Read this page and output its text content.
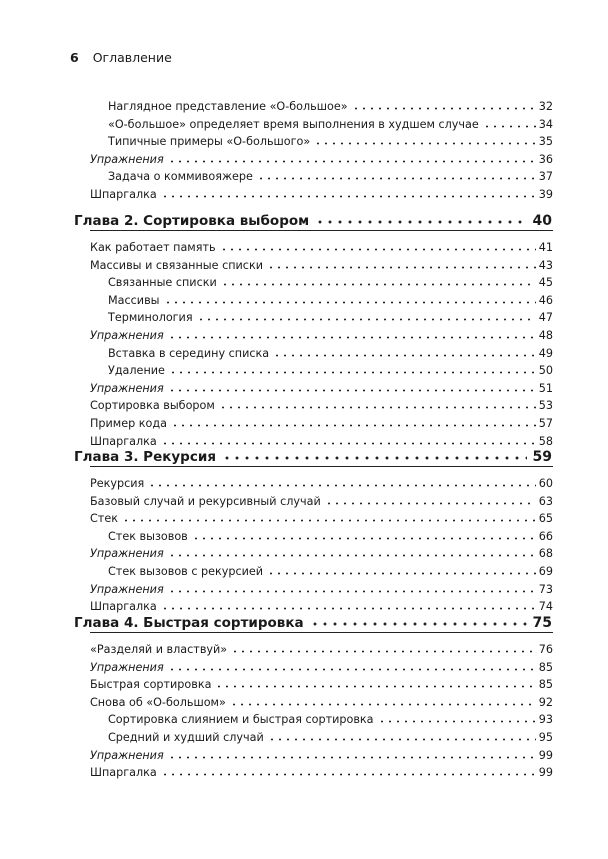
6 Оглавление
Наглядное представление «О-большое»	32
«О-большое» определяет время выполнения в худшем случае	34
Типичные примеры «О-большого»	35
Упражнения	36
Задача о коммивояжере	37
Шпаргалка	39
Глава 2. Сортировка выбором	40
Как работает память	41
Массивы и связанные списки	43
Связанные списки	45
Массивы	46
Терминология	47
Упражнения	48
Вставка в середину списка	49
Удаление	50
Упражнения	51
Сортировка выбором	53
Пример кода	57
Шпаргалка	58
Глава 3. Рекурсия	59
Рекурсия	60
Базовый случай и рекурсивный случай	63
Стек	65
Стек вызовов	66
Упражнения	68
Стек вызовов с рекурсией	69
Упражнения	73
Шпаргалка	74
Глава 4. Быстрая сортировка	75
«Разделяй и властвуй»	76
Упражнения	85
Быстрая сортировка	85
Снова об «О-большом»	92
Сортировка слиянием и быстрая сортировка	93
Средний и худший случай	95
Упражнения	99
Шпаргалка	99
